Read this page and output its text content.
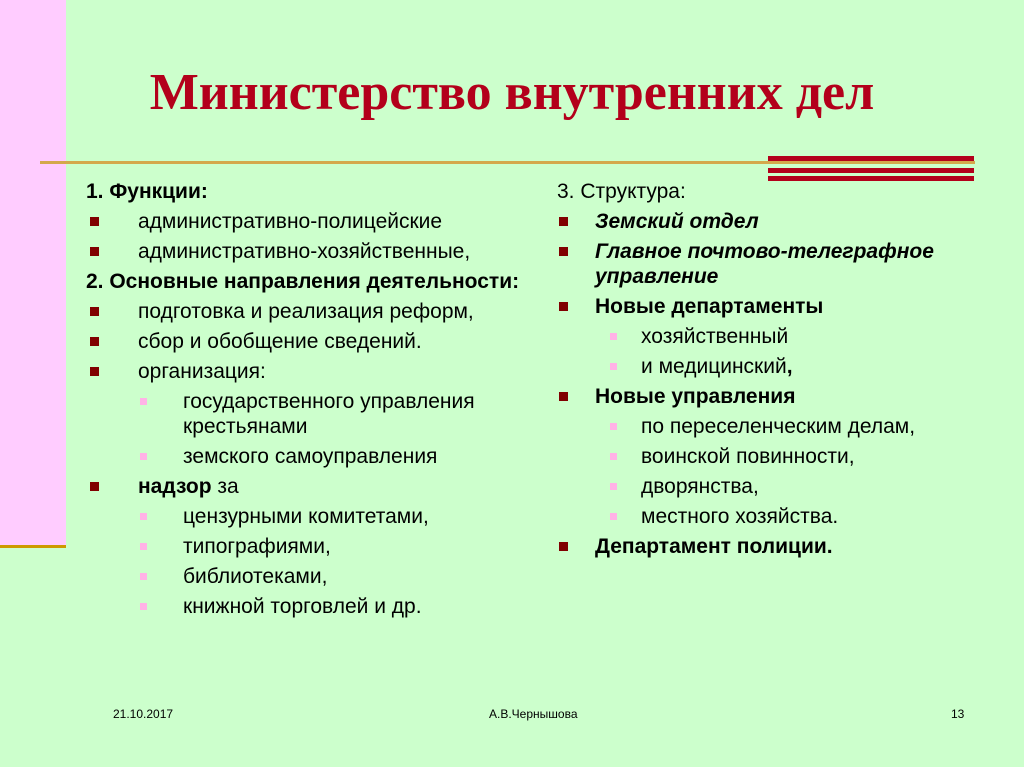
Министерство внутренних дел
1. Функции:
административно-полицейские
административно-хозяйственные,
2. Основные направления деятельности:
подготовка и реализация реформ,
сбор и обобщение сведений.
организация:
государственного управления крестьянами
земского самоуправления
надзор за
цензурными комитетами,
типографиями,
библиотеками,
книжной торговлей и др.
3. Структура:
Земский отдел
Главное почтово-телеграфное управление
Новые департаменты
хозяйственный
и медицинский,
Новые управления
по переселенческим делам,
воинской повинности,
дворянства,
местного хозяйства.
Департамент полиции.
21.10.2017	А.В.Чернышова	13
